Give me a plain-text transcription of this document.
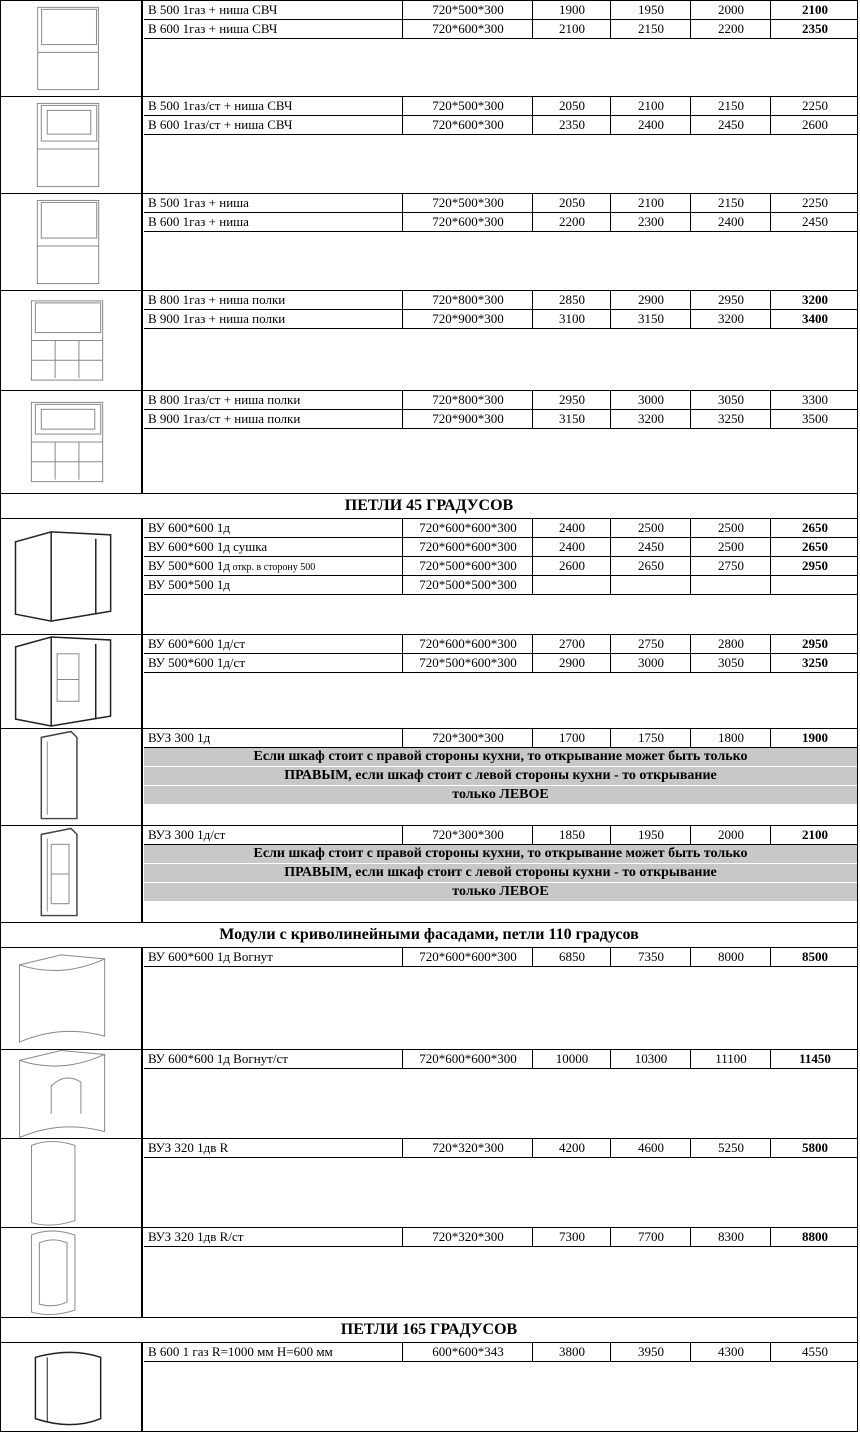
В 500 1газ + ниша СВЧ	720*500*300	1900	1950	2000	2100
В 600 1газ + ниша СВЧ	720*600*300	2100	2150	2200	2350
В 500 1газ/ст + ниша СВЧ	720*500*300	2050	2100	2150	2250
В 600 1газ/ст + ниша СВЧ	720*600*300	2350	2400	2450	2600
В 500 1газ + ниша	720*500*300	2050	2100	2150	2250
В 600 1газ + ниша	720*600*300	2200	2300	2400	2450
В 800 1газ + ниша полки	720*800*300	2850	2900	2950	3200
В 900 1газ + ниша полки	720*900*300	3100	3150	3200	3400
В 800 1газ/ст + ниша полки	720*800*300	2950	3000	3050	3300
В 900 1газ/ст + ниша полки	720*900*300	3150	3200	3250	3500
ПЕТЛИ 45 ГРАДУСОВ
ВУ 600*600 1д	720*600*600*300	2400	2500	2500	2650
ВУ 600*600 1д сушка	720*600*600*300	2400	2450	2500	2650
ВУ 500*600 1д откр. в сторону 500	720*500*600*300	2600	2650	2750	2950
ВУ 500*500 1д	720*500*500*300
ВУ 600*600 1д/ст	720*600*600*300	2700	2750	2800	2950
ВУ 500*600 1д/ст	720*500*600*300	2900	3000	3050	3250
ВУЗ 300 1д	720*300*300	1700	1750	1800	1900
Если шкаф стоит с правой стороны кухни, то открывание может быть только
ПРАВЫМ, если шкаф стоит с левой стороны кухни - то открывание
только ЛЕВОЕ
ВУЗ 300 1д/ст	720*300*300	1850	1950	2000	2100
Если шкаф стоит с правой стороны кухни, то открывание может быть только
ПРАВЫМ, если шкаф стоит с левой стороны кухни - то открывание
только ЛЕВОЕ
Модули с криволинейными фасадами, петли 110 градусов
ВУ 600*600 1д Вогнут	720*600*600*300	6850	7350	8000	8500
ВУ 600*600 1д Вогнут/ст	720*600*600*300	10000	10300	11100	11450
ВУЗ 320 1дв R	720*320*300	4200	4600	5250	5800
ВУЗ 320 1дв R/ст	720*320*300	7300	7700	8300	8800
ПЕТЛИ 165 ГРАДУСОВ
В 600 1 газ R=1000 мм H=600 мм	600*600*343	3800	3950	4300	4550
